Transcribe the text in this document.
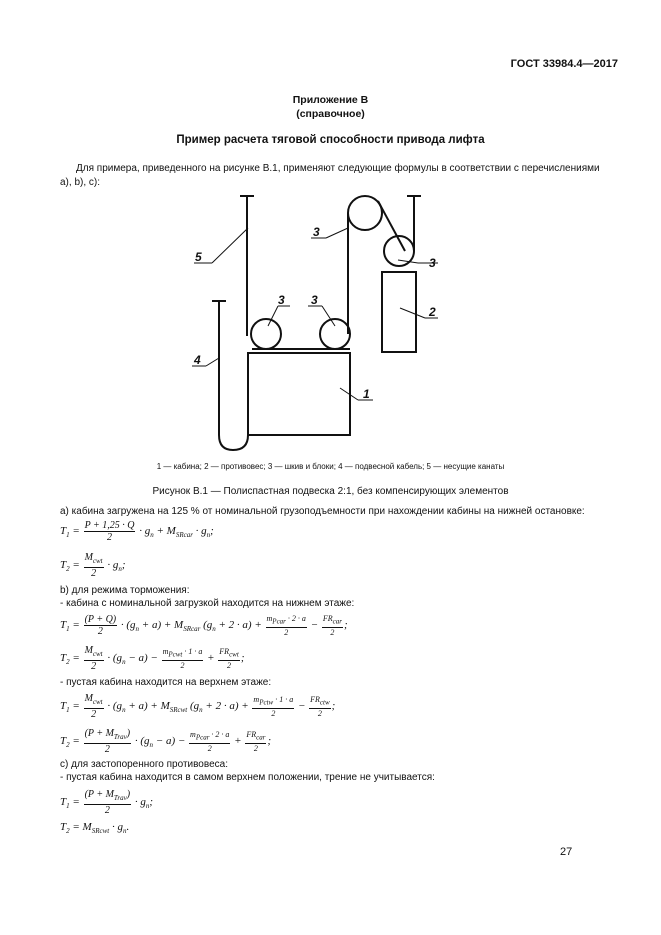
ГОСТ 33984.4—2017
Приложение В
(справочное)
Пример расчета тяговой способности привода лифта
Для примера, приведенного на рисунке В.1, применяют следующие формулы в соответствии с перечислениями а), b), c):
5
3
3
2
3 3
1
4
1 — кабина; 2 — противовес; 3 — шкив и блоки; 4 — подвесной кабель; 5 — несущие канаты
Рисунок В.1 — Полиспастная подвеска 2:1, без компенсирующих элементов
а) кабина загружена на 125 % от номинальной грузоподъемности при нахождении кабины на нижней остановке:
$T_1 = \frac{P + 1,25 \cdot Q}{2} \cdot g_n + M_{SRcar} \cdot g_n$;
$T_2$ =
$M_{cwt}$
2
· $g_n$;
b) для режима торможения:
- кабина с номинальной загрузкой находится на нижнем этаже:
$T_1 = \frac{(P + Q)}{2} \cdot (g_n + a) + M_{SRcar}$ $(g_n + 2 \cdot a)$ +
$m_{Pcar} \cdot 2 \cdot a$
2
−
$FR_{car}$
2
;
$T_2$ =
$M_{cwt}$
2
· $(g_n - a)$ −
$m_{Pcwt} \cdot 1 \cdot a$
2
+
$FR_{cwt}$
2
;
- пустая кабина находится на верхнем этаже:
$T_1$ =
$M_{cwt}$
2
· $(g_n + a) + M_{SRcwt}$ $(g_n + 2 \cdot a)$ +
$m_{Pctw} \cdot 1 \cdot a$
2
−
$FR_{ctw}$
2
;
$T_2$ =
$(P + M_{Trav})$
2
· $(g_n - a)$ −
$m_{Pcar} \cdot 2 \cdot a$
2
+
$FR_{car}$
2
;
с) для застопоренного противовеса:
- пустая кабина находится в самом верхнем положении, трение не учитывается:
$T_1$ =
$(P + M_{Trav})$
2
· $g_n$;
$T_2 = M_{SRcwt} \cdot g_n$.
27
